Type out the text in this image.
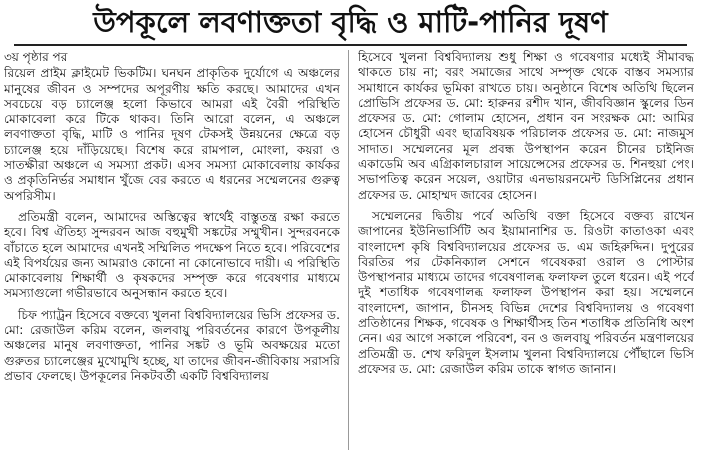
উপকূলে লবণাক্ততা বৃদ্ধি ও মাটি-পানির দূষণ

৩য় পৃষ্ঠার পর

রিয়েল প্রাইম ক্লাইমেট ভিকটিম। ঘনঘন প্রাকৃতিক দুর্যোগে এ অঞ্চলের মানুষের জীবন ও সম্পদের অপূরণীয় ক্ষতি করছে। আমাদের এখন সবচেয়ে বড় চ্যালেঞ্জ হলো কিভাবে আমরা এই বৈরী পরিস্থিতি মোকাবেলা করে টিকে থাকব। তিনি আরো বলেন, এ অঞ্চলে লবণাক্ততা বৃদ্ধি, মাটি ও পানির দূষণ টেকসই উন্নয়নের ক্ষেত্রে বড় চ্যালেঞ্জ হয়ে দাঁড়িয়েছে। বিশেষ করে রামপাল, মোংলা, কয়রা ও সাতক্ষীরা অঞ্চলে এ সমস্যা প্রকট। এসব সমস্যা মোকাবেলায় কার্যকর ও প্রকৃতিনির্ভর সমাধান খুঁজে বের করতে এ ধরনের সম্মেলনের গুরুত্ব অপরিসীম।

প্রতিমন্ত্রী বলেন, আমাদের অস্তিত্বের স্বার্থেই বাস্তুতন্ত্র রক্ষা করতে হবে। বিশ্ব ঐতিহ্য সুন্দরবন আজ বহুমুখী সঙ্কটের সম্মুখীন। সুন্দরবনকে বাঁচাতে হলে আমাদের এখনই সম্মিলিত পদক্ষেপ নিতে হবে। পরিবেশের এই বিপর্যয়ের জন্য আমরাও কোনো না কোনোভাবে দায়ী। এ পরিস্থিতি মোকাবেলায় শিক্ষার্থী ও কৃষকদের সম্পৃক্ত করে গবেষণার মাধ্যমে সমস্যাগুলো গভীরভাবে অনুসন্ধান করতে হবে।

চিফ প্যাট্রন হিসেবে বক্তব্যে খুলনা বিশ্ববিদ্যালয়ের ভিসি প্রফেসর ড. মো: রেজাউল করিম বলেন, জলবায়ু পরিবর্তনের কারণে উপকূলীয় অঞ্চলের মানুষ লবণাক্ততা, পানির সঙ্কট ও ভূমি অবক্ষয়ের মতো গুরুতর চ্যালেঞ্জের মুখোমুখি হচ্ছে, যা তাদের জীবন-জীবিকায় সরাসরি প্রভাব ফেলছে। উপকূলের নিকটবর্তী একটি বিশ্ববিদ্যালয়

হিসেবে খুলনা বিশ্ববিদ্যালয় শুধু শিক্ষা ও গবেষণার মধ্যেই সীমাবদ্ধ থাকতে চায় না; বরং সমাজের সাথে সম্পৃক্ত থেকে বাস্তব সমস্যার সমাধানে কার্যকর ভূমিকা রাখতে চায়। অনুষ্ঠানে বিশেষ অতিথি ছিলেন প্রোভিসি প্রফেসর ড. মো: হারুনর রশীদ খান, জীববিজ্ঞান স্কুলের ডিন প্রফেসর ড. মো: গোলাম হোসেন, প্রধান বন সংরক্ষক মো: আমির হোসেন চৌধুরী এবং ছাত্রবিষয়ক পরিচালক প্রফেসর ড. মো: নাজমুস সাদাত। সম্মেলনের মূল প্রবন্ধ উপস্থাপন করেন চীনের চাইনিজ একাডেমি অব এগ্রিকালচারাল সায়েন্সেসের প্রফেসর ড. শিনহুয়া পেং। সভাপতিত্ব করেন সয়েল, ওয়াটার এনভায়রনমেন্ট ডিসিপ্লিনের প্রধান প্রফেসর ড. মোহাম্মদ জাবের হোসেন।

সম্মেলনের দ্বিতীয় পর্বে অতিথি বক্তা হিসেবে বক্তব্য রাখেন জাপানের ইউনিভার্সিটি অব ইয়ামানাশির ড. রিওটা কাতাওকা এবং বাংলাদেশ কৃষি বিশ্ববিদ্যালয়ের প্রফেসর ড. এম জহিরুদ্দিন। দুপুরের বিরতির পর টেকনিক্যাল সেশনে গবেষকরা ওরাল ও পোস্টার উপস্থাপনার মাধ্যমে তাদের গবেষণালব্ধ ফলাফল তুলে ধরেন। এই পর্বে দুই শতাধিক গবেষণালব্ধ ফলাফল উপস্থাপন করা হয়। সম্মেলনে বাংলাদেশ, জাপান, চীনসহ বিভিন্ন দেশের বিশ্ববিদ্যালয় ও গবেষণা প্রতিষ্ঠানের শিক্ষক, গবেষক ও শিক্ষার্থীসহ তিন শতাধিক প্রতিনিধি অংশ নেন। এর আগে সকালে পরিবেশ, বন ও জলবায়ু পরিবর্তন মন্ত্রণালয়ের প্রতিমন্ত্রী ড. শেখ ফরিদুল ইসলাম খুলনা বিশ্ববিদ্যালয়ে পৌঁছালে ভিসি প্রফেসর ড. মো: রেজাউল করিম তাকে স্বাগত জানান।
